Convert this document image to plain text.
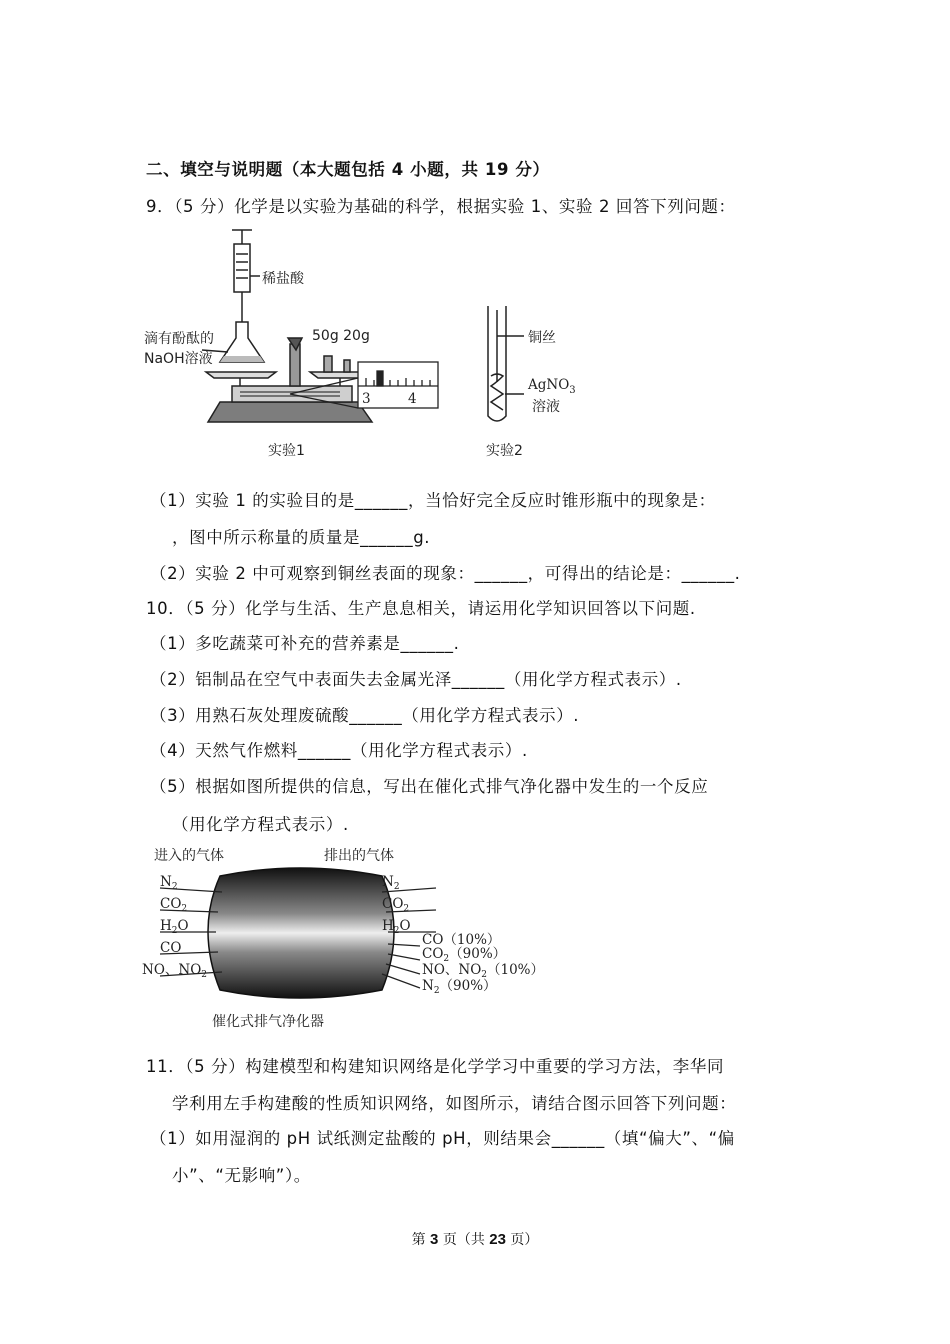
二、填空与说明题（本大题包括 4 小题，共 19 分）
9．（5 分）化学是以实验为基础的科学，根据实验 1、实验 2 回答下列问题：
稀盐酸
滴有酚酞的
NaOH溶液
50g 20g
3	4
实验1
铜丝
AgNO$_3$
溶液
实验2
（1）实验 1 的实验目的是______，当恰好完全反应时锥形瓶中的现象是：
，图中所示称量的质量是______g.
（2）实验 2 中可观察到铜丝表面的现象：______，可得出的结论是：______.
10．（5 分）化学与生活、生产息息相关，请运用化学知识回答以下问题.
（1）多吃蔬菜可补充的营养素是______.
（2）铝制品在空气中表面失去金属光泽______（用化学方程式表示）.
（3）用熟石灰处理废硫酸______（用化学方程式表示）.
（4）天然气作燃料______（用化学方程式表示）.
（5）根据如图所提供的信息，写出在催化式排气净化器中发生的一个反应
（用化学方程式表示）.
进入的气体	排出的气体
$N_2$
$CO_2$
$H_2O$
CO
NO、$NO_2$
$N_2$
$CO_2$
$H_2O$
CO（10%）
$CO_2(90\%)$
NO、$NO_2(10\%)$
$N_2(90\%)$
催化式排气净化器
11．（5 分）构建模型和构建知识网络是化学学习中重要的学习方法，李华同
学利用左手构建酸的性质知识网络，如图所示，请结合图示回答下列问题：
（1）如用湿润的 pH 试纸测定盐酸的 pH，则结果会______（填“偏大”、“偏
小”、“无影响”）。
第 3 页（共 23 页）
